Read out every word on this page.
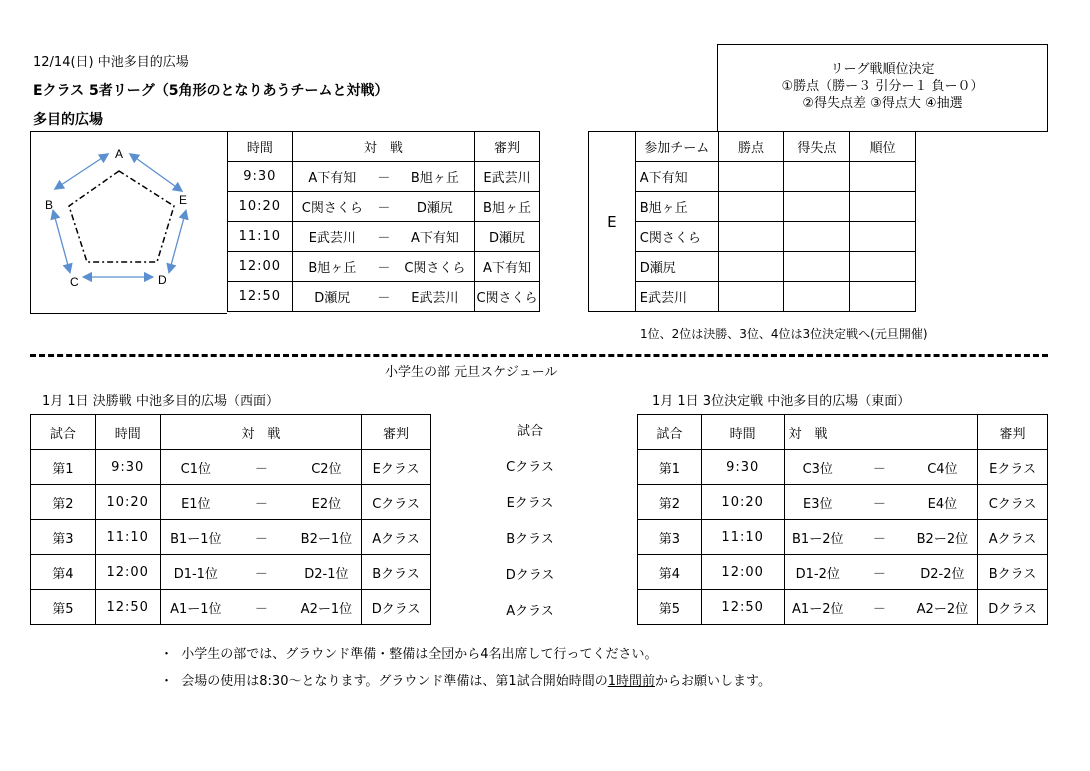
12/14(日) 中池多目的広場
Eクラス 5者リーグ（5角形のとなりあうチームと対戦）
多目的広場
リーグ戦順位決定
①勝点（勝ー３ 引分ー１ 負ー０）
②得失点差 ③得点大 ④抽選
A
B
C	D
E
時間	対　戦			審判
9:30	A下有知	－	B旭ヶ丘	E武芸川
10:20	C関さくら	－	D瀬尻	B旭ヶ丘
11:10	E武芸川	－	A下有知	D瀬尻
12:00	B旭ヶ丘	－	C関さくら	A下有知
12:50	D瀬尻	－	E武芸川	C関さくら
E	参加チーム	勝点	得失点	順位
	A下有知			
	B旭ヶ丘			
	C関さくら			
	D瀬尻			
	E武芸川			
1位、2位は決勝、3位、4位は3位決定戦へ(元旦開催)
小学生の部 元旦スケジュール
1月 1日 決勝戦 中池多目的広場（西面）	1月 1日 3位決定戦 中池多目的広場（東面）
試合	時間	対　戦			審判
第1	9:30	C1位	－	C2位	Eクラス
第2	10:20	E1位	－	E2位	Cクラス
第3	11:10	B1ー1位	－	B2ー1位	Aクラス
第4	12:00	D1-1位	－	D2-1位	Bクラス
第5	12:50	A1ー1位	－	A2ー1位	Dクラス
試合
Cクラス
Eクラス
Bクラス
Dクラス
Aクラス
試合	時間	対　戦			審判
第1	9:30	C3位	－	C4位	Eクラス
第2	10:20	E3位	－	E4位	Cクラス
第3	11:10	B1ー2位	－	B2ー2位	Aクラス
第4	12:00	D1-2位	－	D2-2位	Bクラス
第5	12:50	A1ー2位	－	A2ー2位	Dクラス
・ 小学生の部では、グラウンド準備・整備は全団から4名出席して行ってください。
・ 会場の使用は8:30～となります。グラウンド準備は、第1試合開始時間の1時間前からお願いします。
